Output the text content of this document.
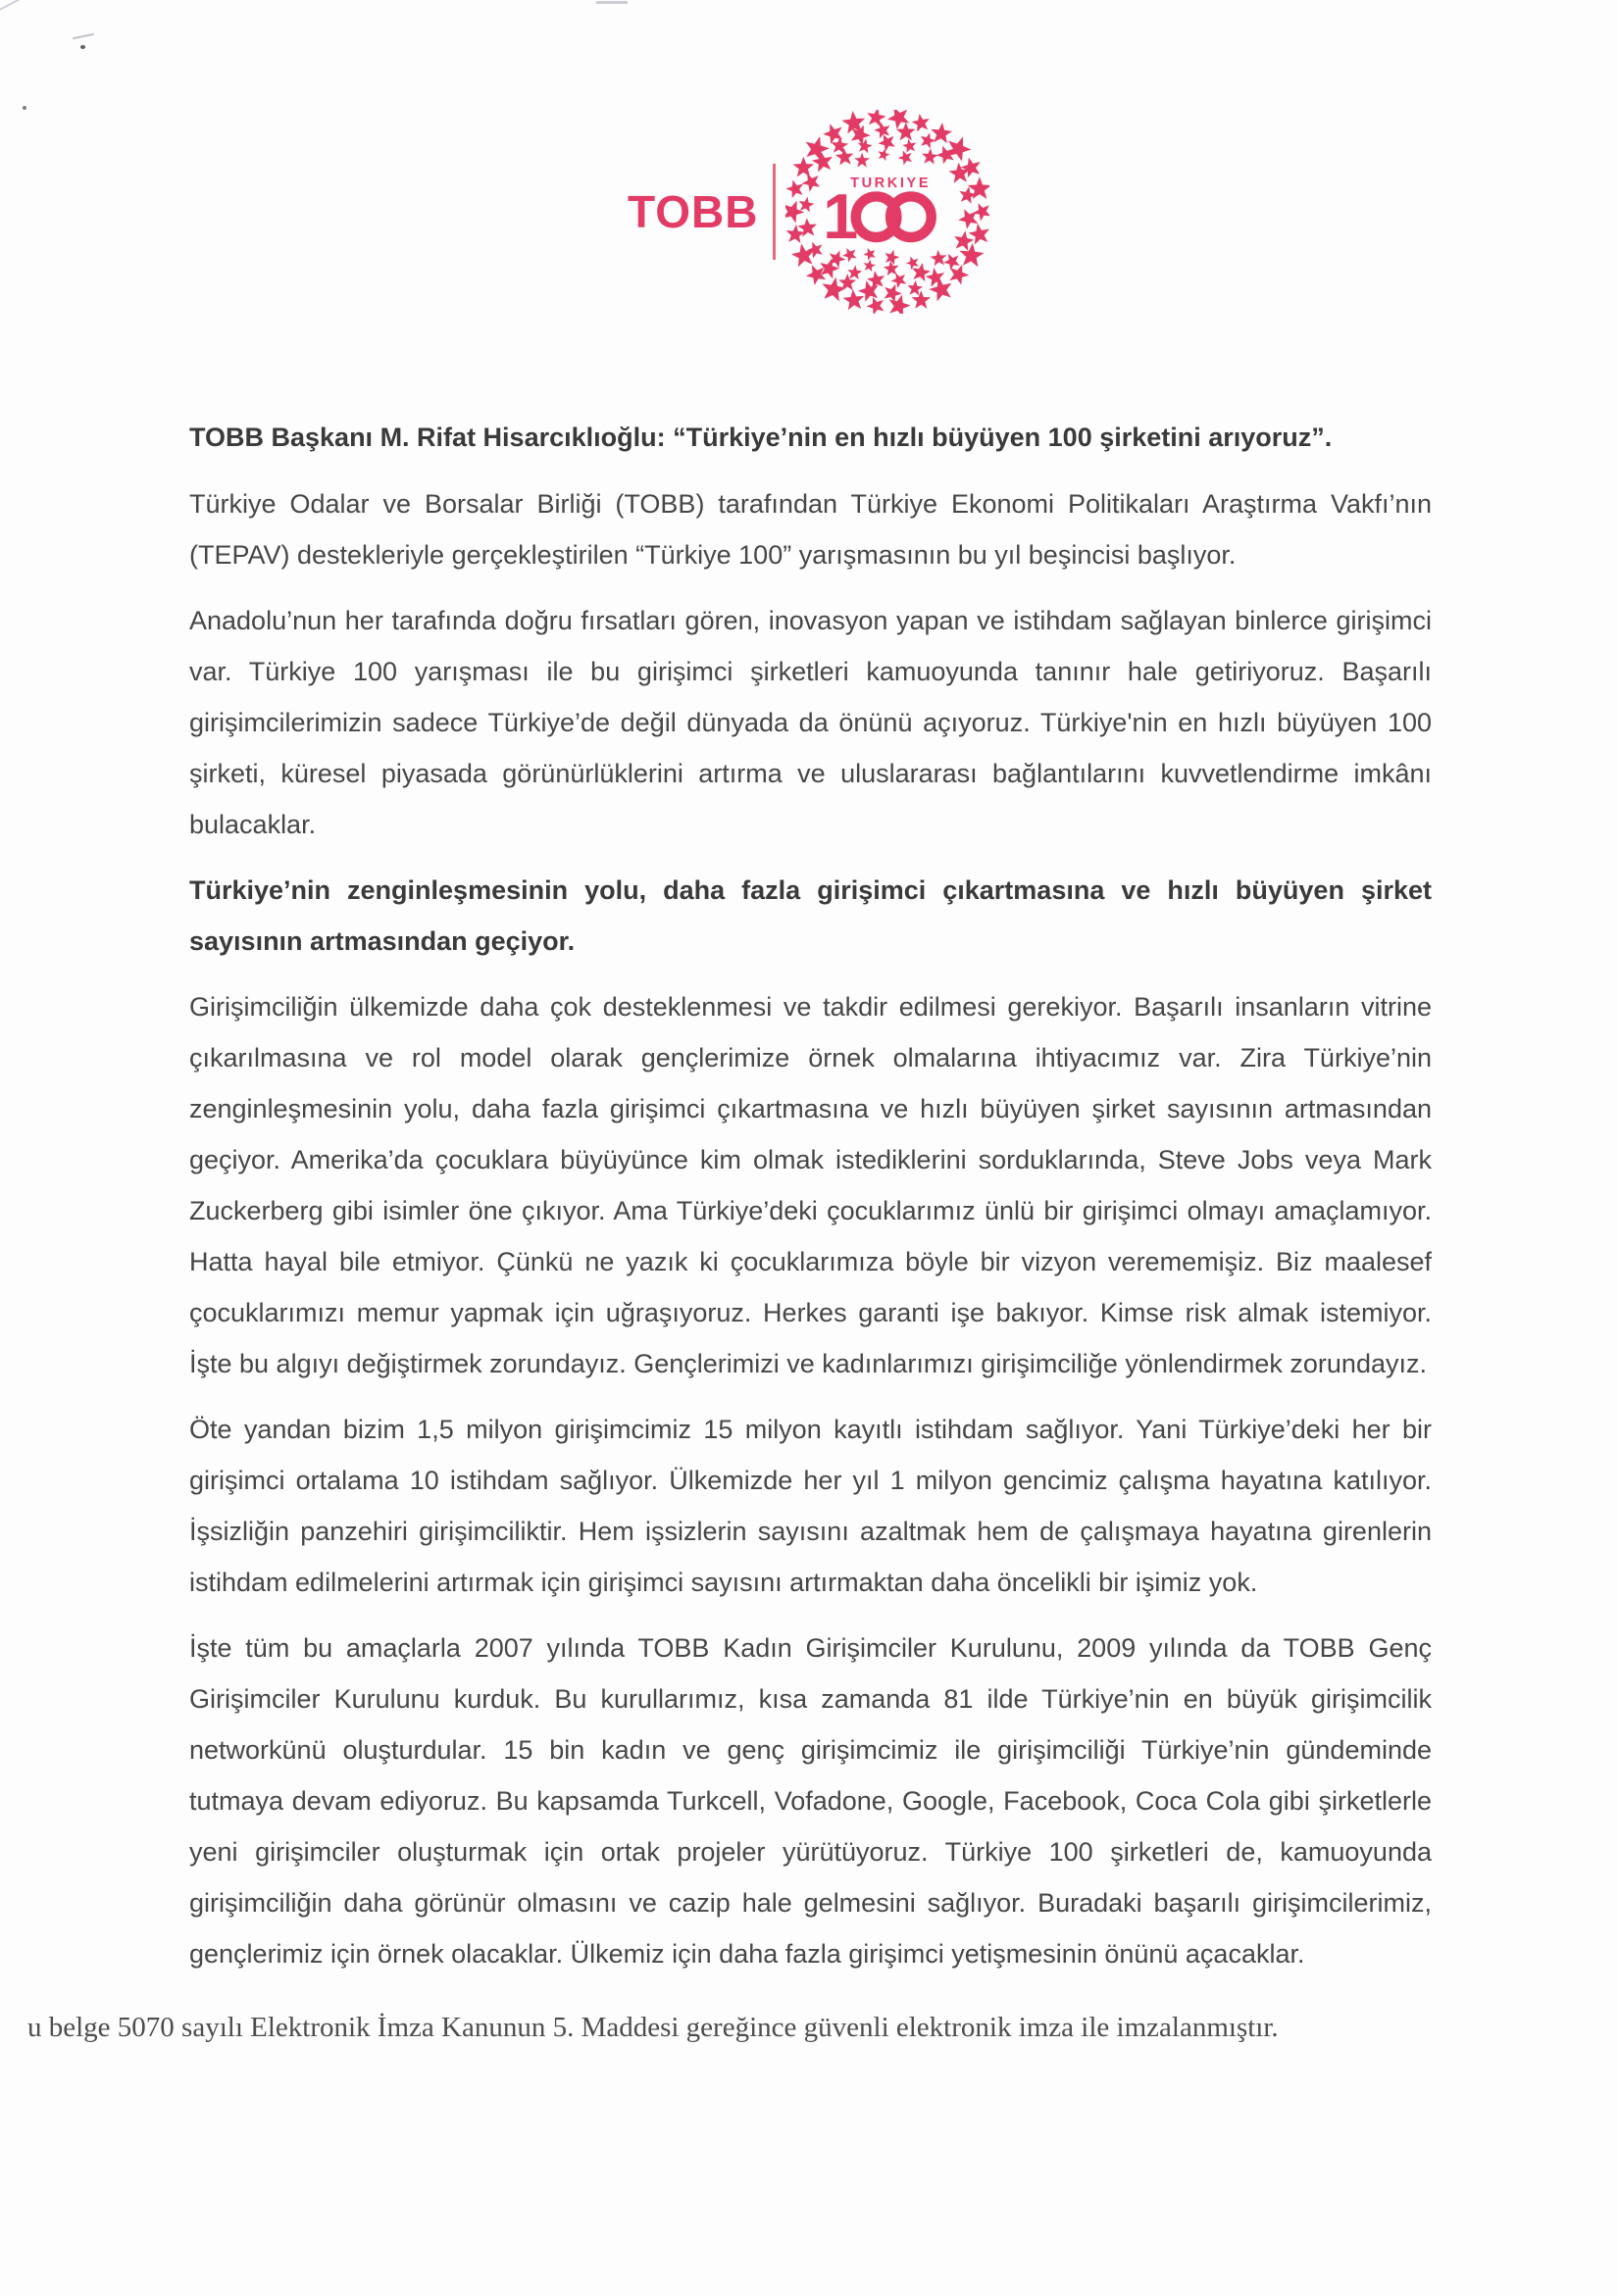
TOBB
TURKIYE
1

TOBB Başkanı M. Rifat Hisarcıklıoğlu: “Türkiye’nin en hızlı büyüyen 100 şirketini arıyoruz”.

Türkiye Odalar ve Borsalar Birliği (TOBB) tarafından Türkiye Ekonomi Politikaları Araştırma Vakfı’nın (TEPAV) destekleriyle gerçekleştirilen “Türkiye 100” yarışmasının bu yıl beşincisi başlıyor.

Anadolu’nun her tarafında doğru fırsatları gören, inovasyon yapan ve istihdam sağlayan binlerce girişimci var. Türkiye 100 yarışması ile bu girişimci şirketleri kamuoyunda tanınır hale getiriyoruz. Başarılı girişimcilerimizin sadece Türkiye’de değil dünyada da önünü açıyoruz. Türkiye'nin en hızlı büyüyen 100 şirketi, küresel piyasada görünürlüklerini artırma ve uluslararası bağlantılarını kuvvetlendirme imkânı bulacaklar.

Türkiye’nin zenginleşmesinin yolu, daha fazla girişimci çıkartmasına ve hızlı büyüyen şirket sayısının artmasından geçiyor.

Girişimciliğin ülkemizde daha çok desteklenmesi ve takdir edilmesi gerekiyor. Başarılı insanların vitrine çıkarılmasına ve rol model olarak gençlerimize örnek olmalarına ihtiyacımız var. Zira Türkiye’nin zenginleşmesinin yolu, daha fazla girişimci çıkartmasına ve hızlı büyüyen şirket sayısının artmasından geçiyor. Amerika’da çocuklara büyüyünce kim olmak istediklerini sorduklarında, Steve Jobs veya Mark Zuckerberg gibi isimler öne çıkıyor. Ama Türkiye’deki çocuklarımız ünlü bir girişimci olmayı amaçlamıyor. Hatta hayal bile etmiyor. Çünkü ne yazık ki çocuklarımıza böyle bir vizyon verememişiz. Biz maalesef çocuklarımızı memur yapmak için uğraşıyoruz. Herkes garanti işe bakıyor. Kimse risk almak istemiyor. İşte bu algıyı değiştirmek zorundayız. Gençlerimizi ve kadınlarımızı girişimciliğe yönlendirmek zorundayız.

Öte yandan bizim 1,5 milyon girişimcimiz 15 milyon kayıtlı istihdam sağlıyor. Yani Türkiye’deki her bir girişimci ortalama 10 istihdam sağlıyor. Ülkemizde her yıl 1 milyon gencimiz çalışma hayatına katılıyor. İşsizliğin panzehiri girişimciliktir. Hem işsizlerin sayısını azaltmak hem de çalışmaya hayatına girenlerin istihdam edilmelerini artırmak için girişimci sayısını artırmaktan daha öncelikli bir işimiz yok.

İşte tüm bu amaçlarla 2007 yılında TOBB Kadın Girişimciler Kurulunu, 2009 yılında da TOBB Genç Girişimciler Kurulunu kurduk. Bu kurullarımız, kısa zamanda 81 ilde Türkiye’nin en büyük girişimcilik networkünü oluşturdular. 15 bin kadın ve genç girişimcimiz ile girişimciliği Türkiye’nin gündeminde tutmaya devam ediyoruz. Bu kapsamda Turkcell, Vofadone, Google, Facebook, Coca Cola gibi şirketlerle yeni girişimciler oluşturmak için ortak projeler yürütüyoruz. Türkiye 100 şirketleri de, kamuoyunda girişimciliğin daha görünür olmasını ve cazip hale gelmesini sağlıyor. Buradaki başarılı girişimcilerimiz, gençlerimiz için örnek olacaklar. Ülkemiz için daha fazla girişimci yetişmesinin önünü açacaklar.

u belge 5070 sayılı Elektronik İmza Kanunun 5. Maddesi gereğince güvenli elektronik imza ile imzalanmıştır.
